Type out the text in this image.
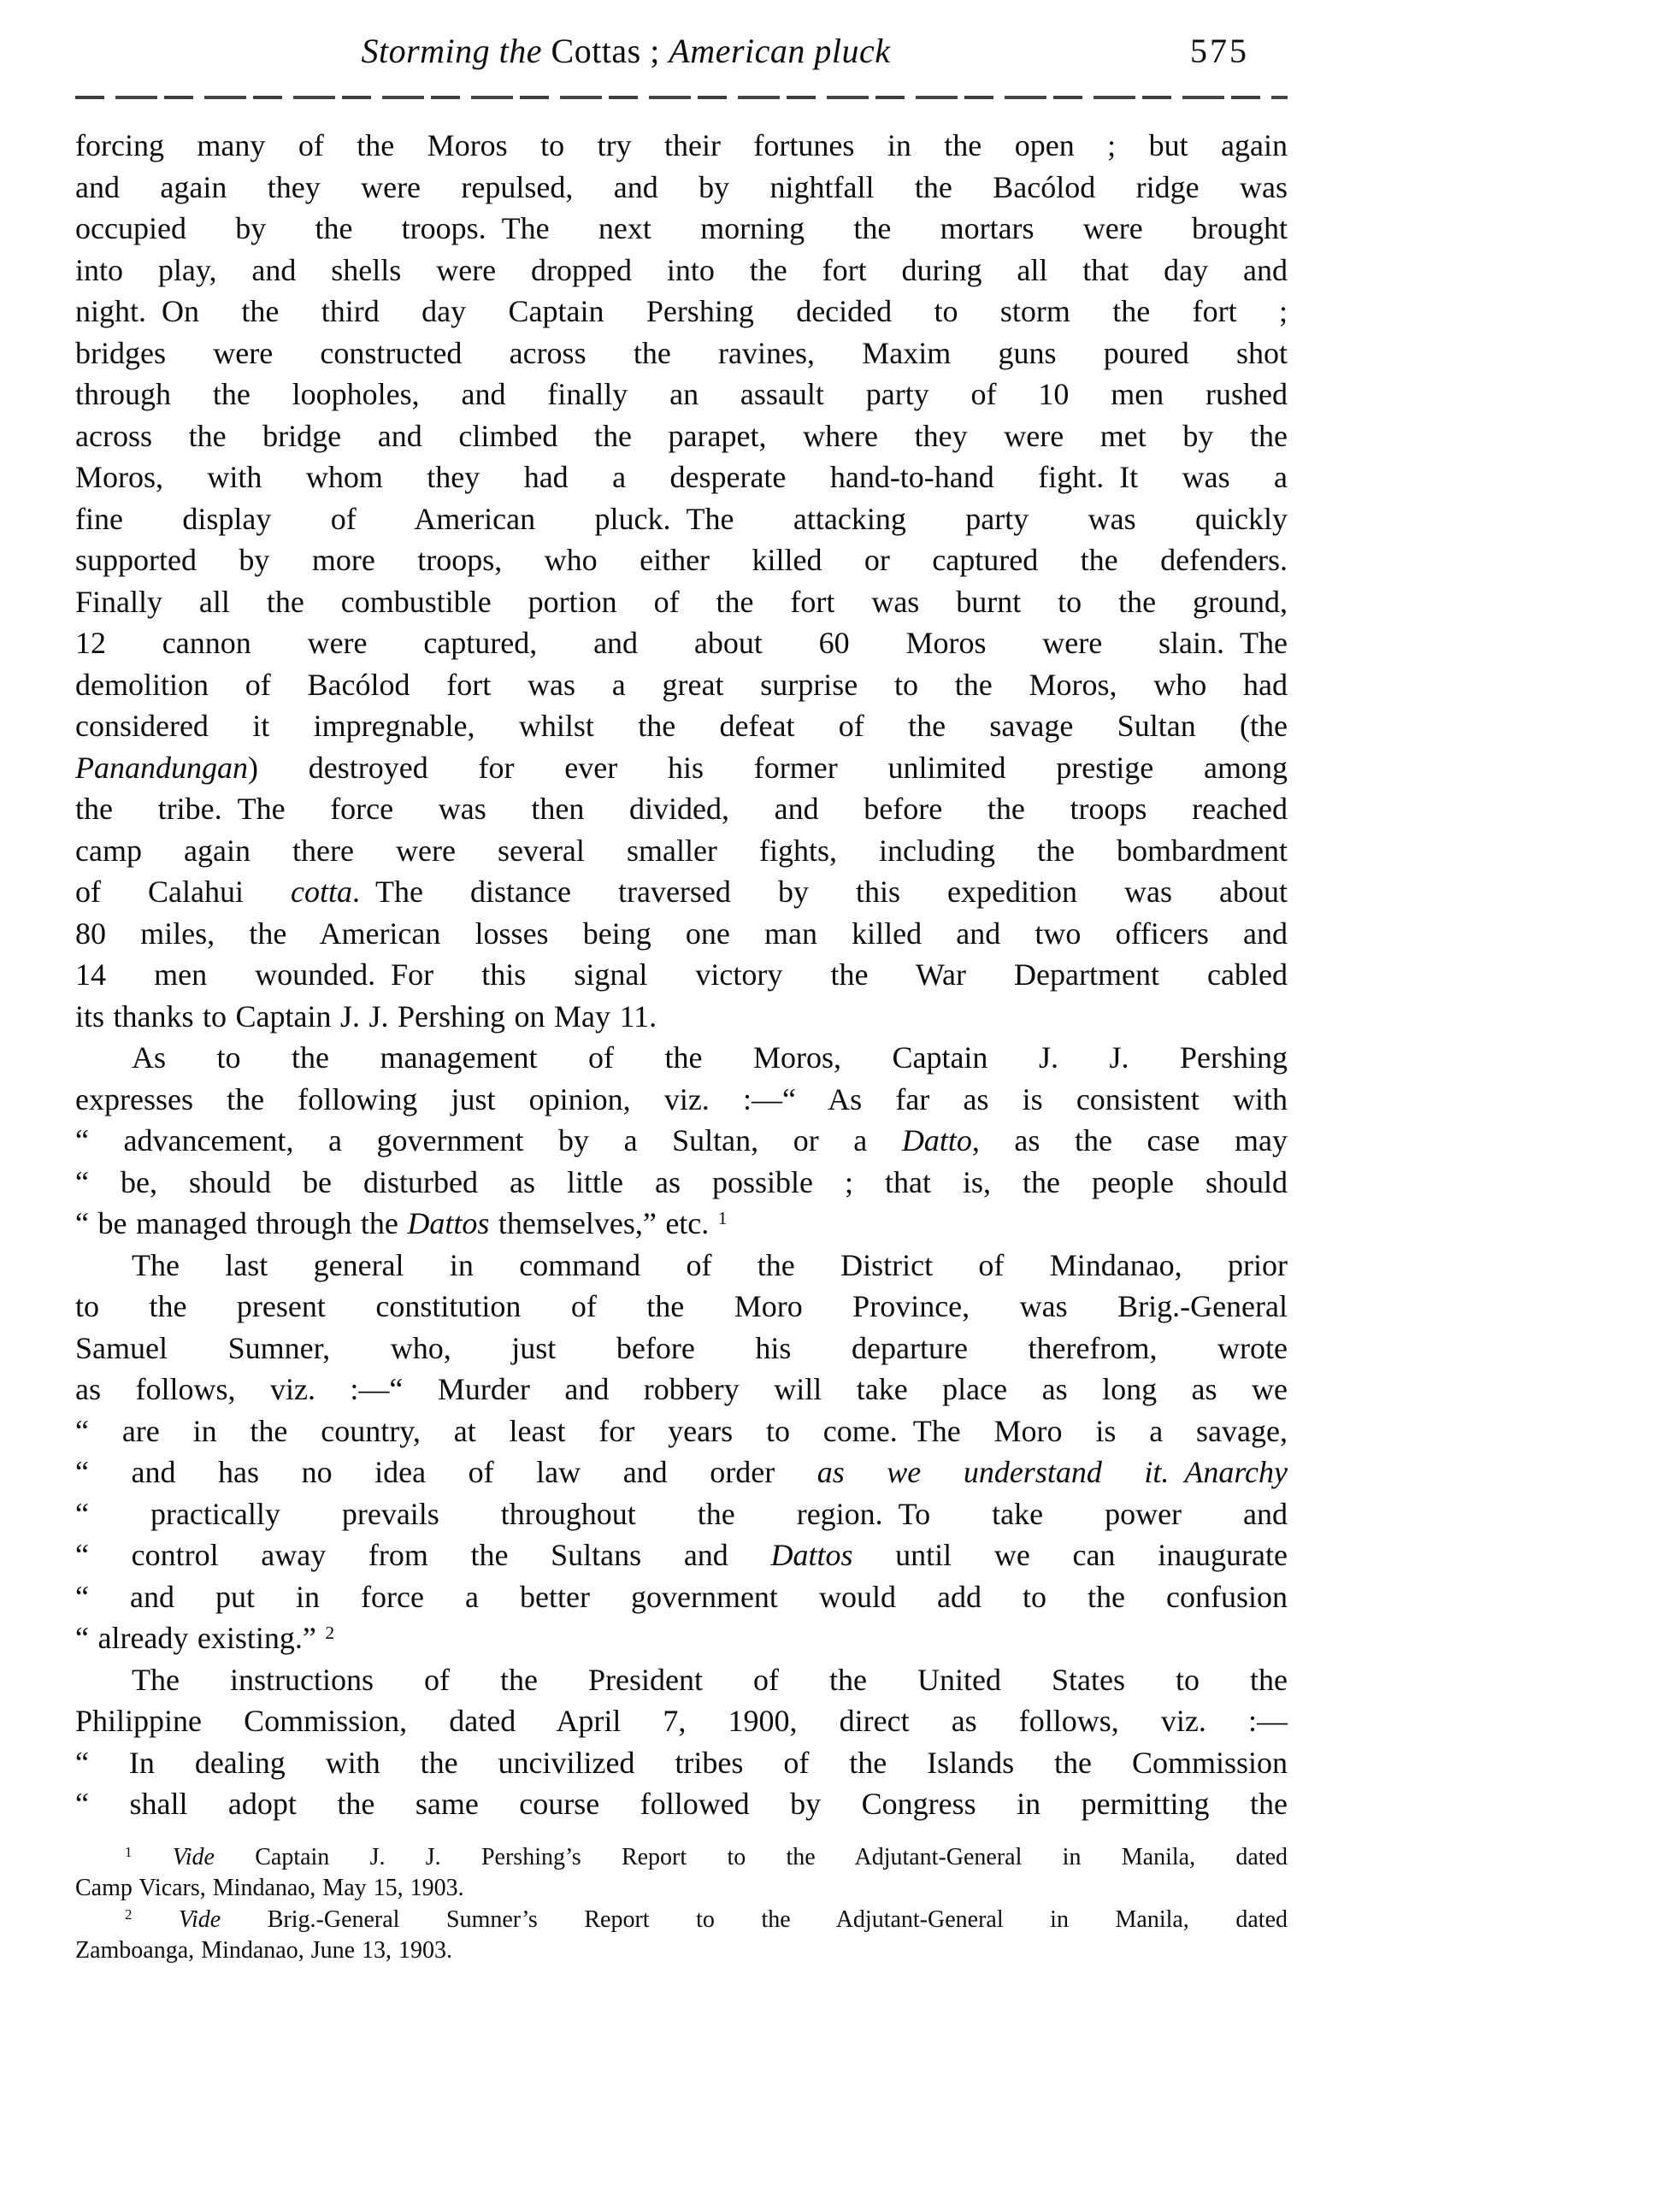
Storming the Cottas ; American pluck	575
forcing many of the Moros to try their fortunes in the open ; but again
and again they were repulsed, and by nightfall the Bacólod ridge was
occupied by the troops. The next morning the mortars were brought
into play, and shells were dropped into the fort during all that day and
night. On the third day Captain Pershing decided to storm the fort ;
bridges were constructed across the ravines, Maxim guns poured shot
through the loopholes, and finally an assault party of 10 men rushed
across the bridge and climbed the parapet, where they were met by the
Moros, with whom they had a desperate hand-to-hand fight. It was a
fine display of American pluck. The attacking party was quickly
supported by more troops, who either killed or captured the defenders.
Finally all the combustible portion of the fort was burnt to the ground,
12 cannon were captured, and about 60 Moros were slain. The
demolition of Bacólod fort was a great surprise to the Moros, who had
considered it impregnable, whilst the defeat of the savage Sultan (the
Panandungan) destroyed for ever his former unlimited prestige among
the tribe. The force was then divided, and before the troops reached
camp again there were several smaller fights, including the bombardment
of Calahui cotta. The distance traversed by this expedition was about
80 miles, the American losses being one man killed and two officers and
14 men wounded. For this signal victory the War Department cabled
its thanks to Captain J. J. Pershing on May 11.
As to the management of the Moros, Captain J. J. Pershing
expresses the following just opinion, viz. :—“ As far as is consistent with
“ advancement, a government by a Sultan, or a Datto, as the case may
“ be, should be disturbed as little as possible ; that is, the people should
“ be managed through the Dattos themselves,” etc. $^1$
The last general in command of the District of Mindanao, prior
to the present constitution of the Moro Province, was Brig.-General
Samuel Sumner, who, just before his departure therefrom, wrote
as follows, viz. :—“ Murder and robbery will take place as long as we
“ are in the country, at least for years to come. The Moro is a savage,
“ and has no idea of law and order as we understand it. Anarchy
“ practically prevails throughout the region. To take power and
“ control away from the Sultans and Dattos until we can inaugurate
“ and put in force a better government would add to the confusion
“ already existing.” $^2$
The instructions of the President of the United States to the
Philippine Commission, dated April 7, 1900, direct as follows, viz. :—
“ In dealing with the uncivilized tribes of the Islands the Commission
“ shall adopt the same course followed by Congress in permitting the
$^1$ Vide Captain J. J. Pershing’s Report to the Adjutant-General in Manila, dated
Camp Vicars, Mindanao, May 15, 1903.
$^2$ Vide Brig.-General Sumner’s Report to the Adjutant-General in Manila, dated
Zamboanga, Mindanao, June 13, 1903.
